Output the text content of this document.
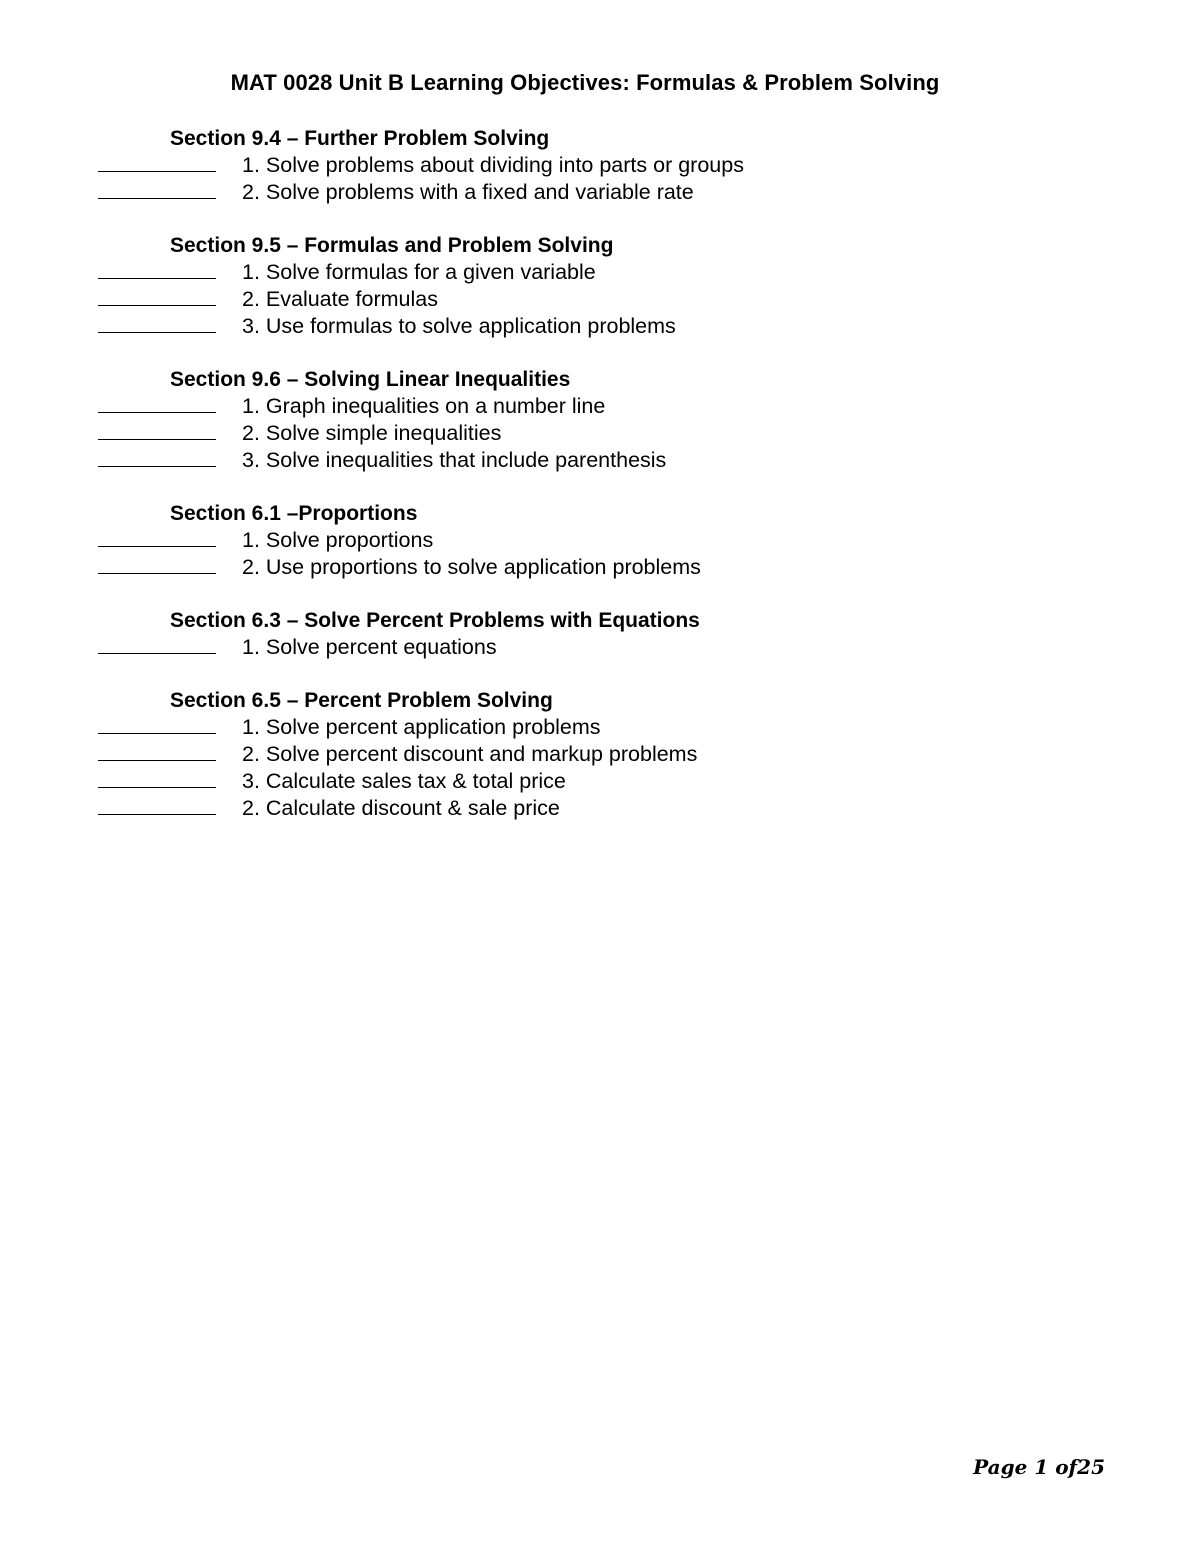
MAT 0028 Unit B Learning Objectives: Formulas & Problem Solving
Section 9.4 – Further Problem Solving
1. Solve problems about dividing into parts or groups
2. Solve problems with a fixed and variable rate
Section 9.5 – Formulas and Problem Solving
1. Solve formulas for a given variable
2. Evaluate formulas
3. Use formulas to solve application problems
Section 9.6 – Solving Linear Inequalities
1. Graph inequalities on a number line
2. Solve simple inequalities
3. Solve inequalities that include parenthesis
Section 6.1 –Proportions
1. Solve proportions
2. Use proportions to solve application problems
Section 6.3 – Solve Percent Problems with Equations
1. Solve percent equations
Section 6.5 – Percent Problem Solving
1. Solve percent application problems
2. Solve percent discount and markup problems
3. Calculate sales tax & total price
2. Calculate discount & sale price
Page 1 of25
